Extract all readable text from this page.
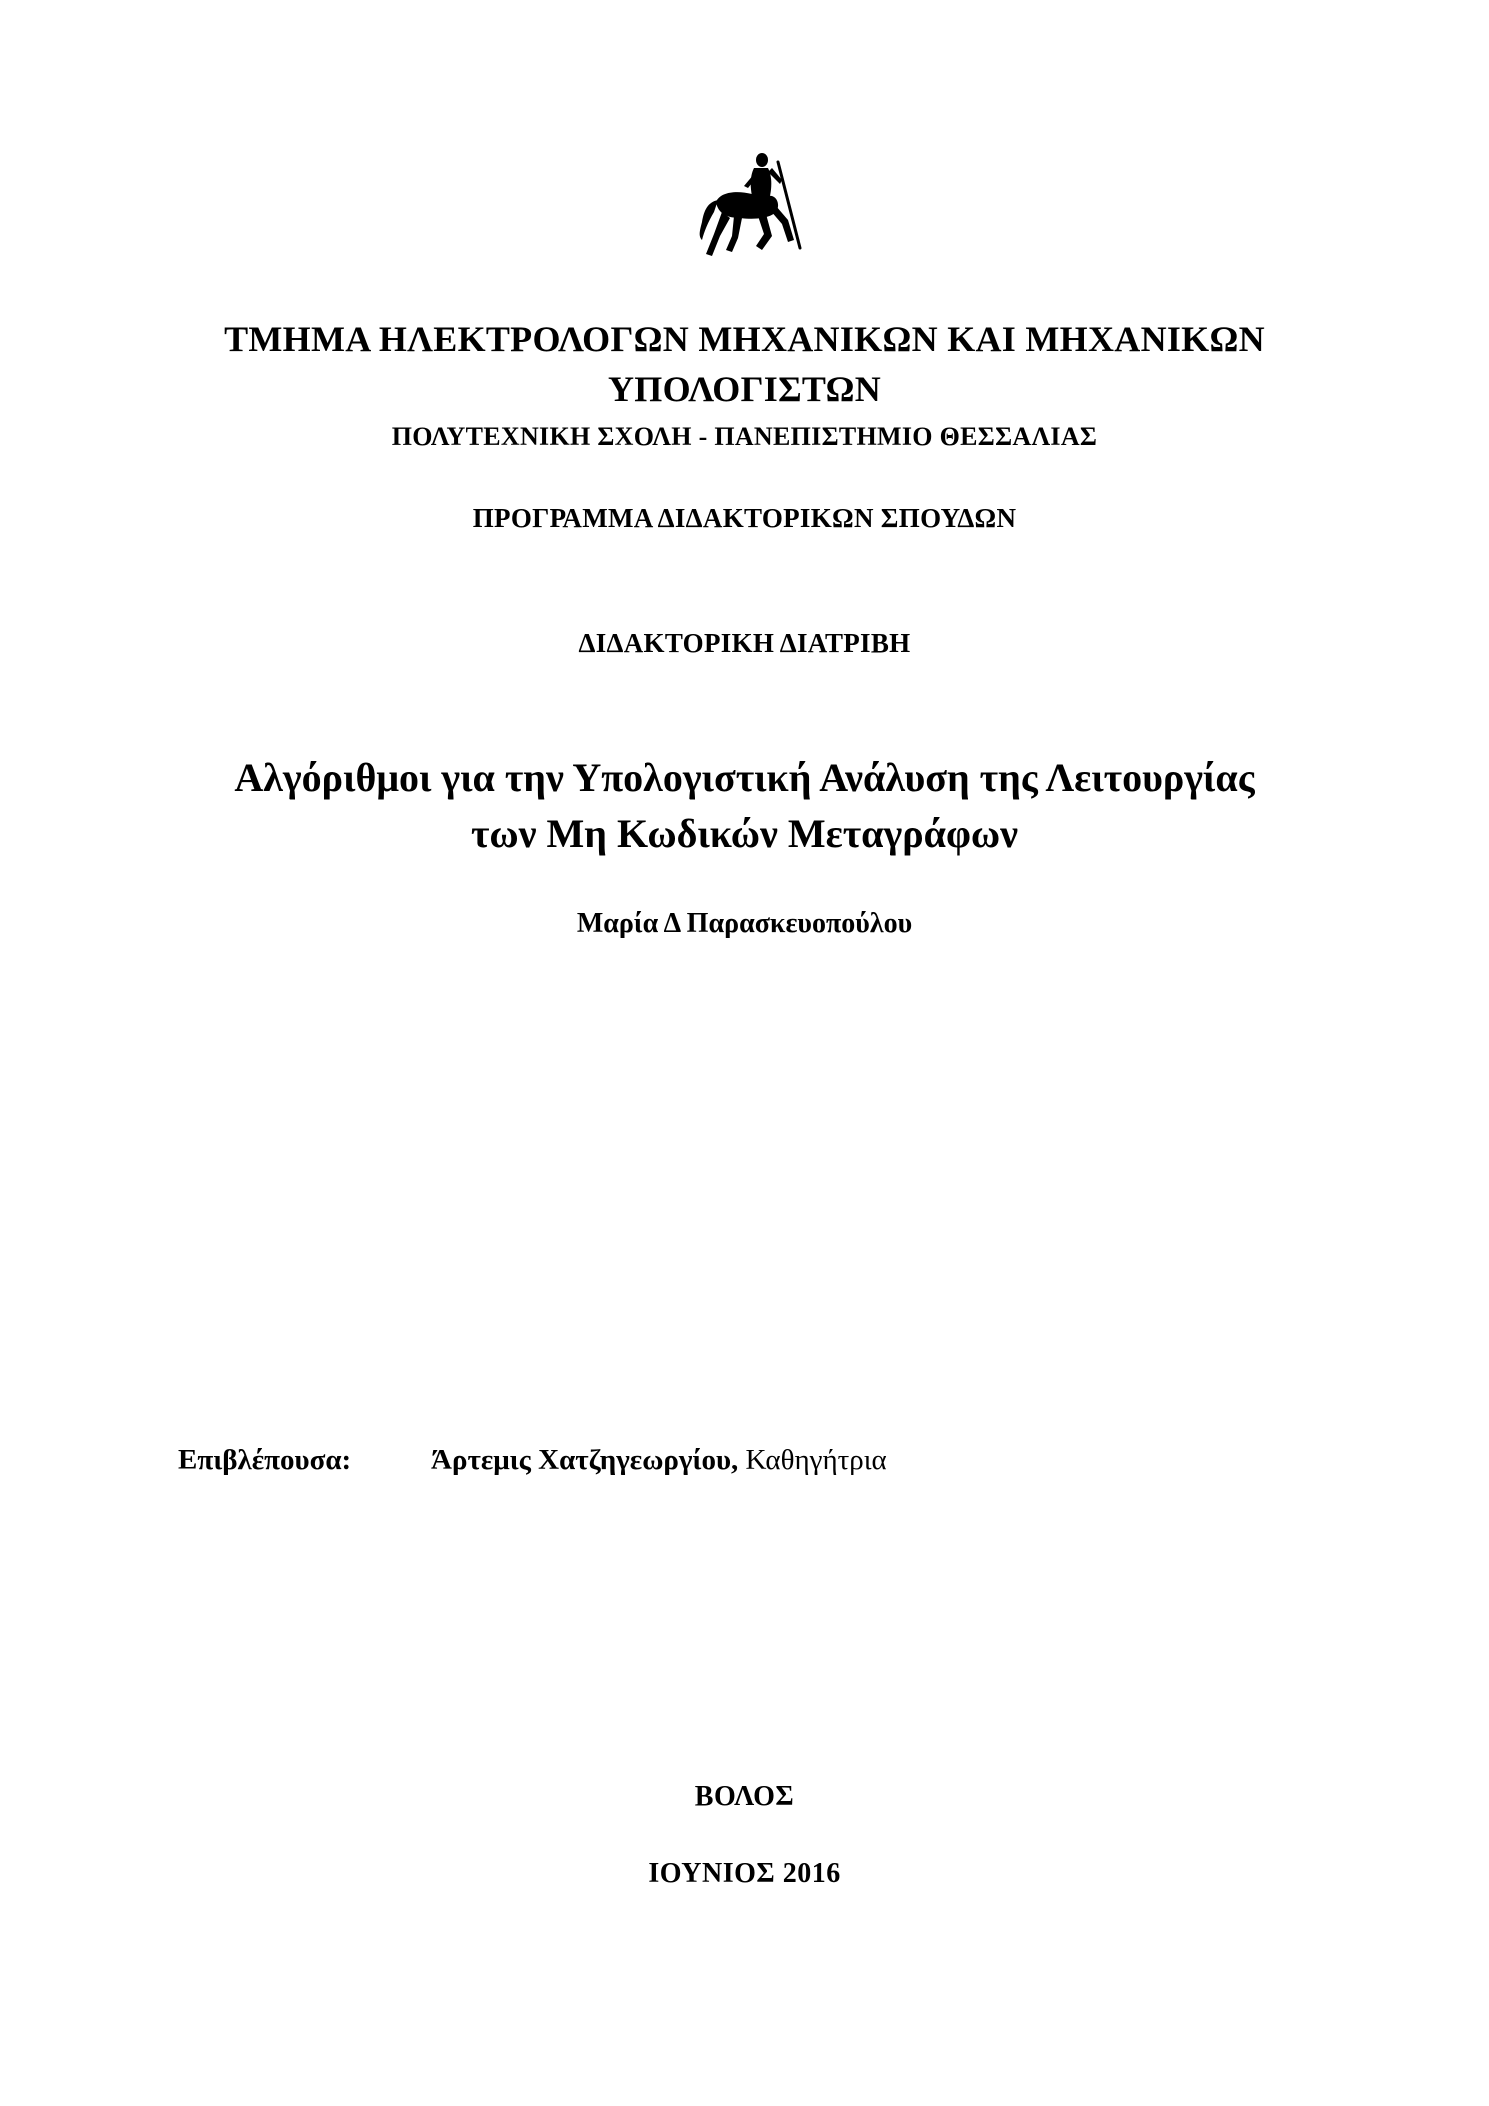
ΤΜΗΜΑ ΗΛΕΚΤΡΟΛΟΓΩΝ ΜΗΧΑΝΙΚΩΝ ΚΑΙ ΜΗΧΑΝΙΚΩΝ
ΥΠΟΛΟΓΙΣΤΩΝ
ΠΟΛΥΤΕΧΝΙΚΗ ΣΧΟΛΗ - ΠΑΝΕΠΙΣΤΗΜΙΟ ΘΕΣΣΑΛΙΑΣ
ΠΡΟΓΡΑΜΜΑ ΔΙΔΑΚΤΟΡΙΚΩΝ ΣΠΟΥΔΩΝ
ΔΙΔΑΚΤΟΡΙΚΗ ΔΙΑΤΡΙΒΗ
Αλγόριθμοι για την Υπολογιστική Ανάλυση της Λειτουργίας
των Μη Κωδικών Μεταγράφων
Μαρία Δ Παρασκευοπούλου
Επιβλέπουσα:	Άρτεμις Χατζηγεωργίου, Καθηγήτρια
ΒΟΛΟΣ
ΙΟΥΝΙΟΣ 2016
